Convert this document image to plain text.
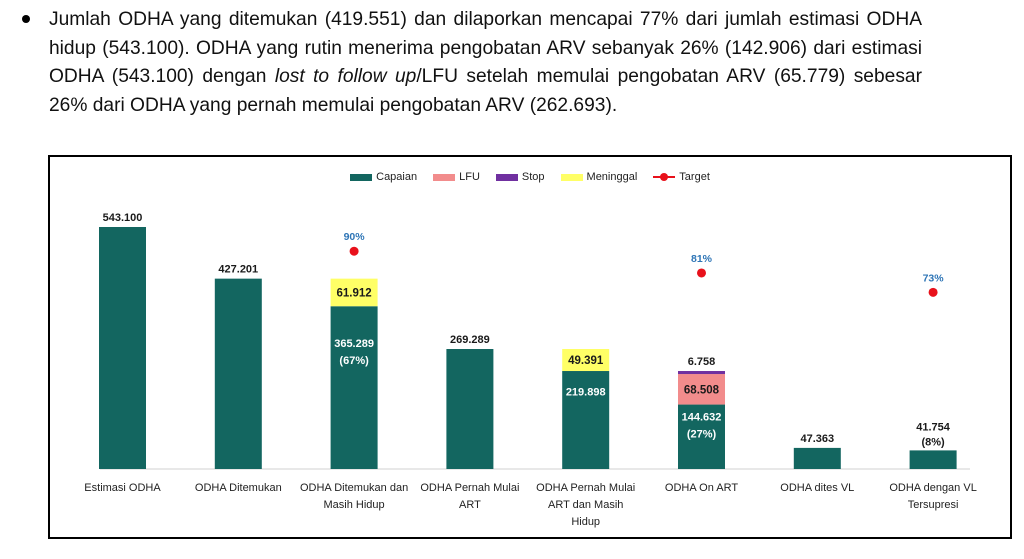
Jumlah ODHA yang ditemukan (419.551) dan dilaporkan mencapai 77% dari jumlah estimasi ODHA hidup (543.100). ODHA yang rutin menerima pengobatan ARV sebanyak 26% (142.906) dari estimasi ODHA (543.100) dengan lost to follow up/LFU setelah memulai pengobatan ARV (65.779) sebesar 26% dari ODHA yang pernah memulai pengobatan ARV (262.693).

Capaian	LFU	Stop	Meninggal	Target
Estimasi ODHA	ODHA Ditemukan ODHA Ditemukan dan
Masih Hidup
ODHA Pernah Mulai
ART
ODHA Pernah Mulai
ART dan Masih
Hidup
ODHA On ART	ODHA dites VL	ODHA dengan VL
Tersupresi
543.100
427.201
61.912
365.289
(67%)
269.289
49.391
219.898
6.758
68.508
144.632
(27%)	47.363
41.754
(8%)
90%
81%
73%
